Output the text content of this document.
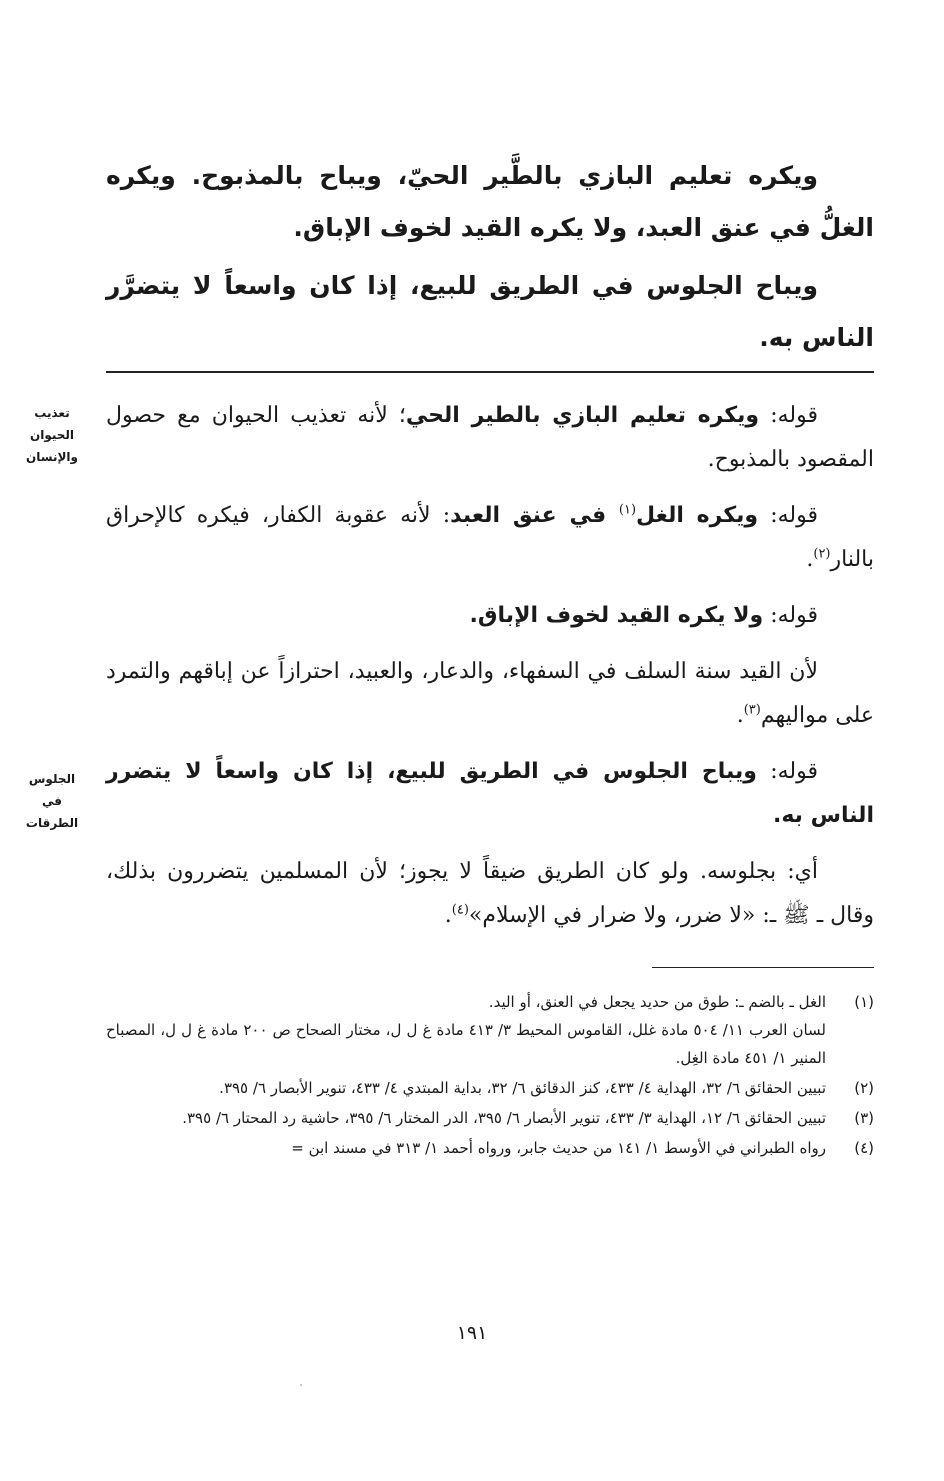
ويكره تعليم البازي بالطَّير الحيّ، ويباح بالمذبوح. ويكره الغلُّ في عنق العبد، ولا يكره القيد لخوف الإباق.

ويباح الجلوس في الطريق للبيع، إذا كان واسعاً لا يتضرَّر الناس به.

تعذيب
الحيوان
والإنسان
الجلوس
في
الطرقات

قوله: ويكره تعليم البازي بالطير الحي؛ لأنه تعذيب الحيوان مع حصول المقصود بالمذبوح.

قوله: ويكره الغل$^{(١)}$ في عنق العبد: لأنه عقوبة الكفار، فيكره كالإحراق بالنار$^{(٢)}$.

قوله: ولا يكره القيد لخوف الإباق.

لأن القيد سنة السلف في السفهاء، والدعار، والعبيد، احترازاً عن إباقهم والتمرد على مواليهم$^{(٣)}$.

قوله: ويباح الجلوس في الطريق للبيع، إذا كان واسعاً لا يتضرر الناس به.

أي: بجلوسه. ولو كان الطريق ضيقاً لا يجوز؛ لأن المسلمين يتضررون بذلك، وقال ـ ﷺ ـ: «لا ضرر، ولا ضرار في الإسلام»$^{(٤)}$.

(١)
الغل ـ بالضم ـ: طوق من حديد يجعل في العنق، أو اليد.
لسان العرب ١١/ ٥٠٤ مادة غلل، القاموس المحيط ٣/ ٤١٣ مادة غ ل ل، مختار الصحاح ص ٢٠٠ مادة غ ل ل، المصباح المنير ١/ ٤٥١ مادة الغِل.
(٢)
تبيين الحقائق ٦/ ٣٢، الهداية ٤/ ٤٣٣، كنز الدقائق ٦/ ٣٢، بداية المبتدي ٤/ ٤٣٣، تنوير الأبصار ٦/ ٣٩٥.
(٣)
تبيين الحقائق ٦/ ١٢، الهداية ٣/ ٤٣٣، تنوير الأبصار ٦/ ٣٩٥، الدر المختار ٦/ ٣٩٥، حاشية رد المحتار ٦/ ٣٩٥.
(٤)
رواه الطبراني في الأوسط ١/ ١٤١ من حديث جابر، ورواه أحمد ١/ ٣١٣ في مسند ابن =
١٩١
